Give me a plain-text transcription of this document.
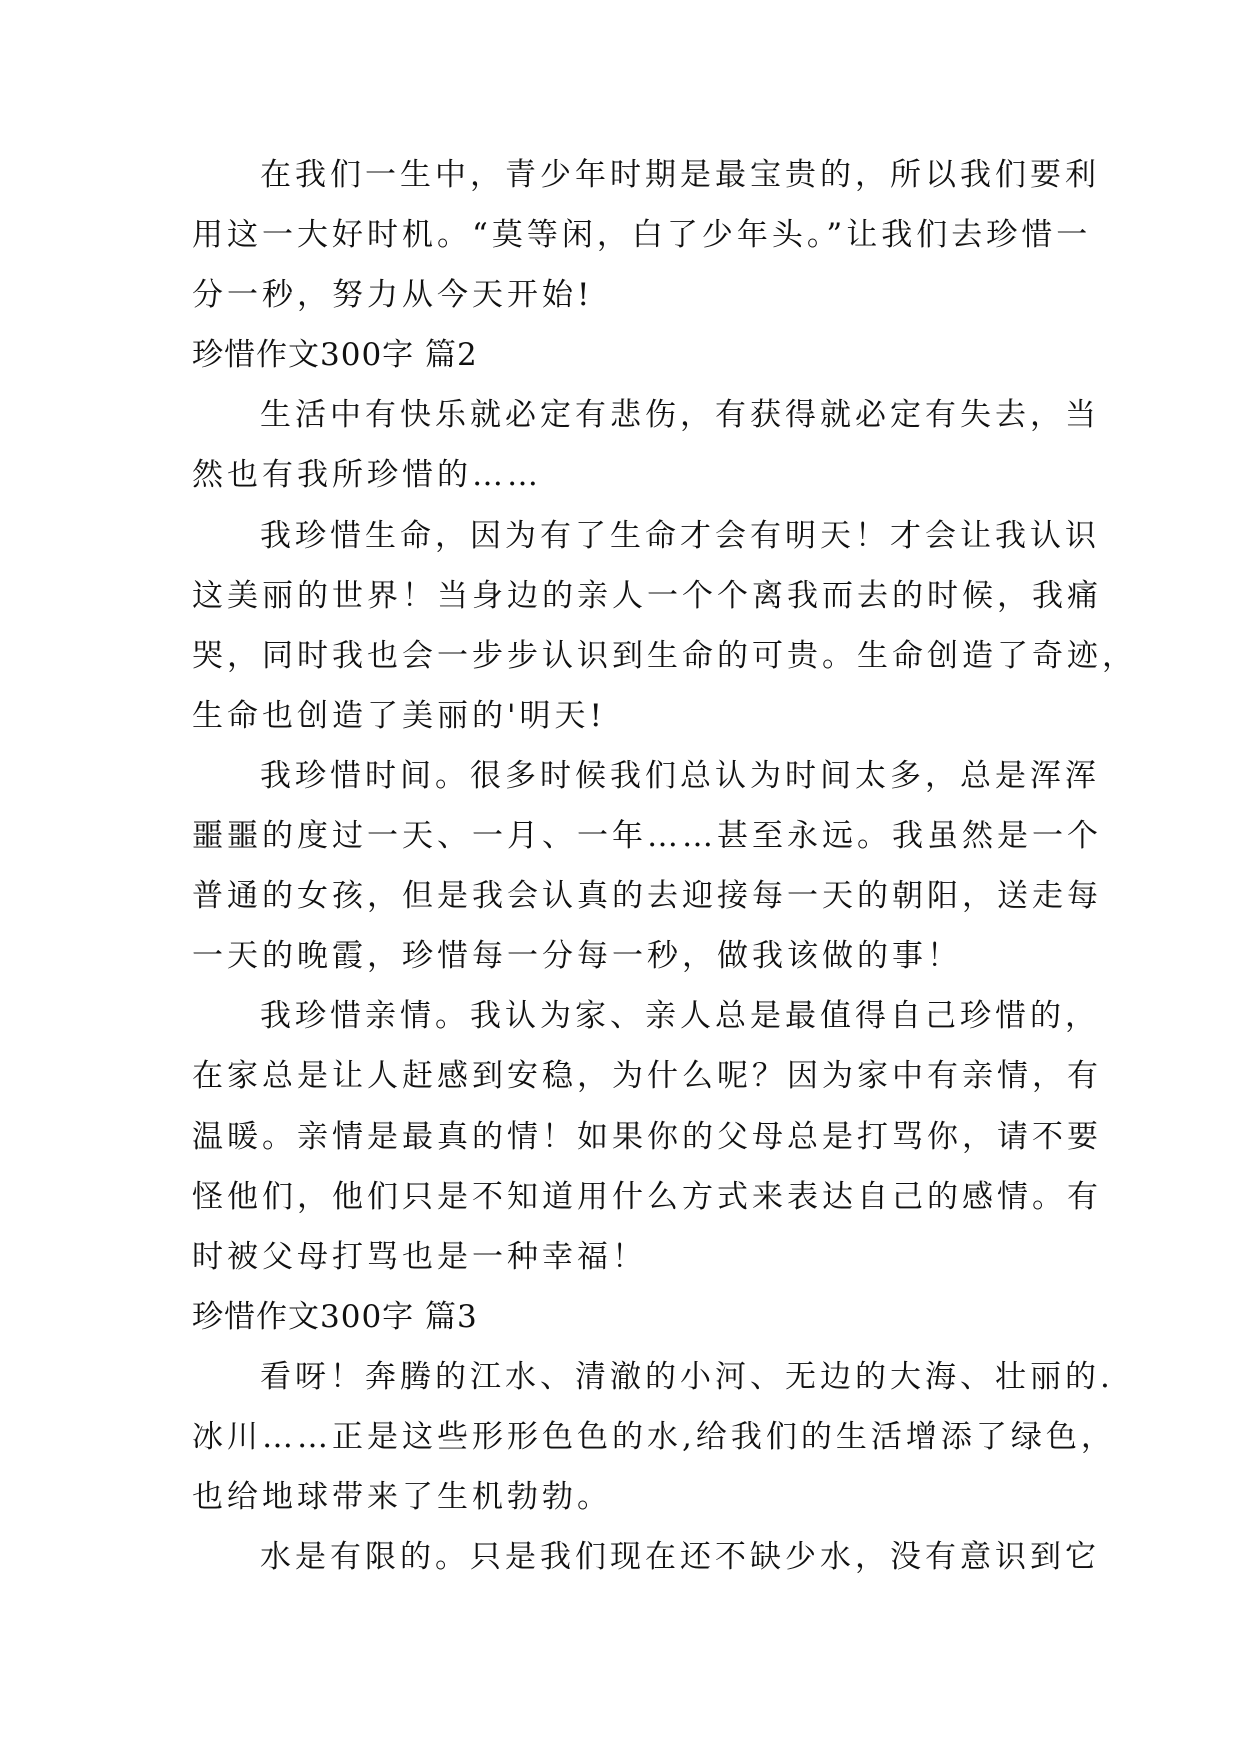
在我们一生中，青少年时期是最宝贵的，所以我们要利
用这一大好时机。“莫等闲，白了少年头。”让我们去珍惜一
分一秒，努力从今天开始!
珍惜作文300字 篇2
生活中有快乐就必定有悲伤，有获得就必定有失去，当
然也有我所珍惜的……
我珍惜生命，因为有了生命才会有明天！才会让我认识
这美丽的世界！当身边的亲人一个个离我而去的时候，我痛
哭，同时我也会一步步认识到生命的可贵。生命创造了奇迹，
生命也创造了美丽的'明天!
我珍惜时间。很多时候我们总认为时间太多，总是浑浑
噩噩的度过一天、一月、一年……甚至永远。我虽然是一个
普通的女孩，但是我会认真的去迎接每一天的朝阳，送走每
一天的晚霞，珍惜每一分每一秒，做我该做的事！
我珍惜亲情。我认为家、亲人总是最值得自己珍惜的，
在家总是让人赶感到安稳，为什么呢？因为家中有亲情，有
温暖。亲情是最真的情！如果你的父母总是打骂你，请不要
怪他们，他们只是不知道用什么方式来表达自己的感情。有
时被父母打骂也是一种幸福！
珍惜作文300字 篇3
看呀！奔腾的江水、清澈的小河、无边的大海、壮丽的.
冰川……正是这些形形色色的水,给我们的生活增添了绿色，
也给地球带来了生机勃勃。
水是有限的。只是我们现在还不缺少水，没有意识到它
